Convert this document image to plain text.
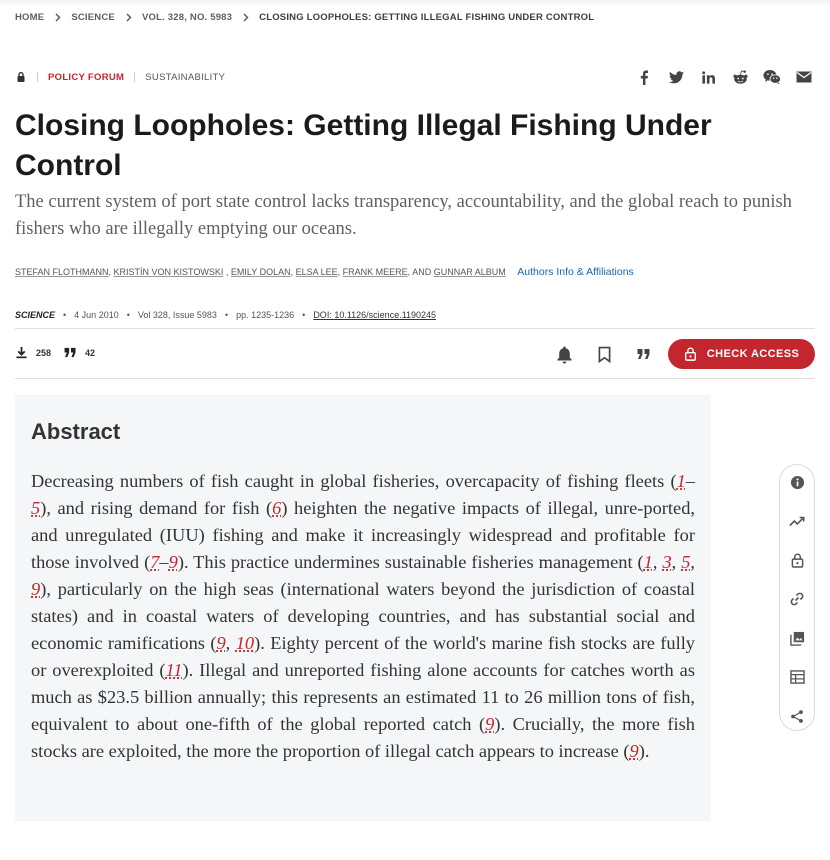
HOME	SCIENCE	VOL. 328, NO. 5983	CLOSING LOOPHOLES: GETTING ILLEGAL FISHING UNDER CONTROL
POLICY FORUM SUSTAINABILITY
Closing Loopholes: Getting Illegal Fishing Under Control

The current system of port state control lacks transparency, accountability, and the global reach to punish fishers who are illegally emptying our oceans.

STEFAN FLOTHMANN, KRISTÍN VON KISTOWSKI , EMILY DOLAN, ELSA LEE, FRANK MEERE, AND GUNNAR ALBUM Authors Info & Affiliations
SCIENCE • 4 Jun 2010 • Vol 328, Issue 5983 • pp. 1235-1236 • DOI: 10.1126/science.1190245
258	42	CHECK ACCESS
Abstract

Decreasing numbers of fish caught in global fisheries, overcapacity of fishing fleets (1–5), and rising demand for fish (6) heighten the negative impacts of illegal, unre-ported, and unregulated (IUU) fishing and make it increasingly widespread and profitable for those involved (7–9). This practice undermines sustainable fisheries management (1, 3, 5, 9), particularly on the high seas (international waters beyond the jurisdiction of coastal states) and in coastal waters of developing countries, and has substantial social and economic ramifications (9, 10). Eighty percent of the world's marine fish stocks are fully or overexploited (11). Illegal and unreported fishing alone accounts for catches worth as much as $23.5 billion annually; this represents an estimated 11 to 26 million tons of fish, equivalent to about one-fifth of the global reported catch (9). Crucially, the more fish stocks are exploited, the more the proportion of illegal catch appears to increase (9).
